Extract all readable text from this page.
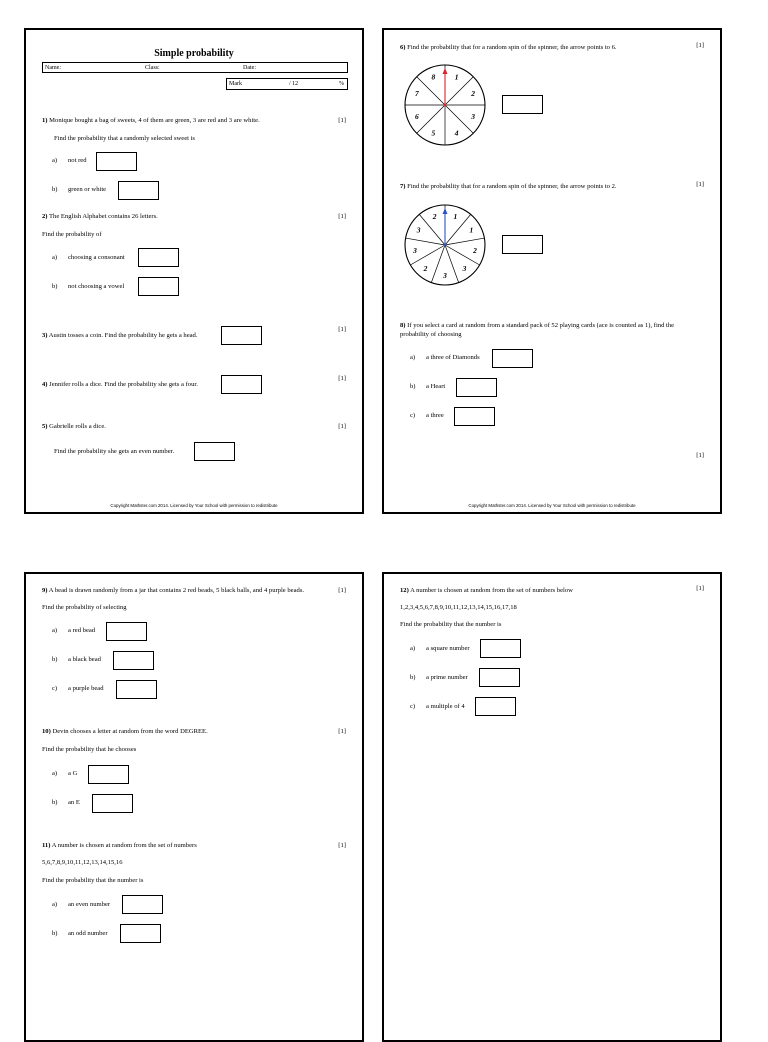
Simple probability
Name:	Class:	Date:
Mark	/ 12	%
1) Monique bought a bag of sweets, 4 of them are green, 3 are red and 3 are white.	[1]
Find the probability that a randomly selected sweet is
a) not red
b) green or white
2) The English Alphabet contains 26 letters.	[1]
Find the probability of
a) choosing a consonant
b) not choosing a vowel
3) Austin tosses a coin. Find the probability he gets a head.
[1]
4) Jennifer rolls a dice. Find the probability she gets a four.
[1]
5) Gabrielle rolls a dice.	[1]
Find the probability she gets an even number.
Copyright Mathster.com 2014. Licensed by Your School with permission to redistribute
6) Find the probability that for a random spin of the spinner, the arrow points to 6.	[1]
1
2
3
4
5
6
7
8
7) Find the probability that for a random spin of the spinner, the arrow points to 2.	[1]
1
1
2
3
3
2
3
3
2
8) If you select a card at random from a standard pack of 52 playing cards (ace is counted as 1), find the
probability of choosing
a) a three of Diamonds
b) a Heart
c) a three
[1]
Copyright Mathster.com 2014. Licensed by Your School with permission to redistribute
9) A bead is drawn randomly from a jar that contains 2 red beads, 5 black balls, and 4 purple beads.	[1]
Find the probability of selecting
a) a red bead
b) a black bead
c) a purple bead
10) Devin chooses a letter at random from the word DEGREE.	[1]
Find the probability that he chooses
a) a G
b) an E
11) A number is chosen at random from the set of numbers	[1]
5,6,7,8,9,10,11,12,13,14,15,16
Find the probability that the number is
a) an even number
b) an odd number
12) A number is chosen at random from the set of numbers below	[1]
1,2,3,4,5,6,7,8,9,10,11,12,13,14,15,16,17,18
Find the probability that the number is
a) a square number
b) a prime number
c) a multiple of 4
